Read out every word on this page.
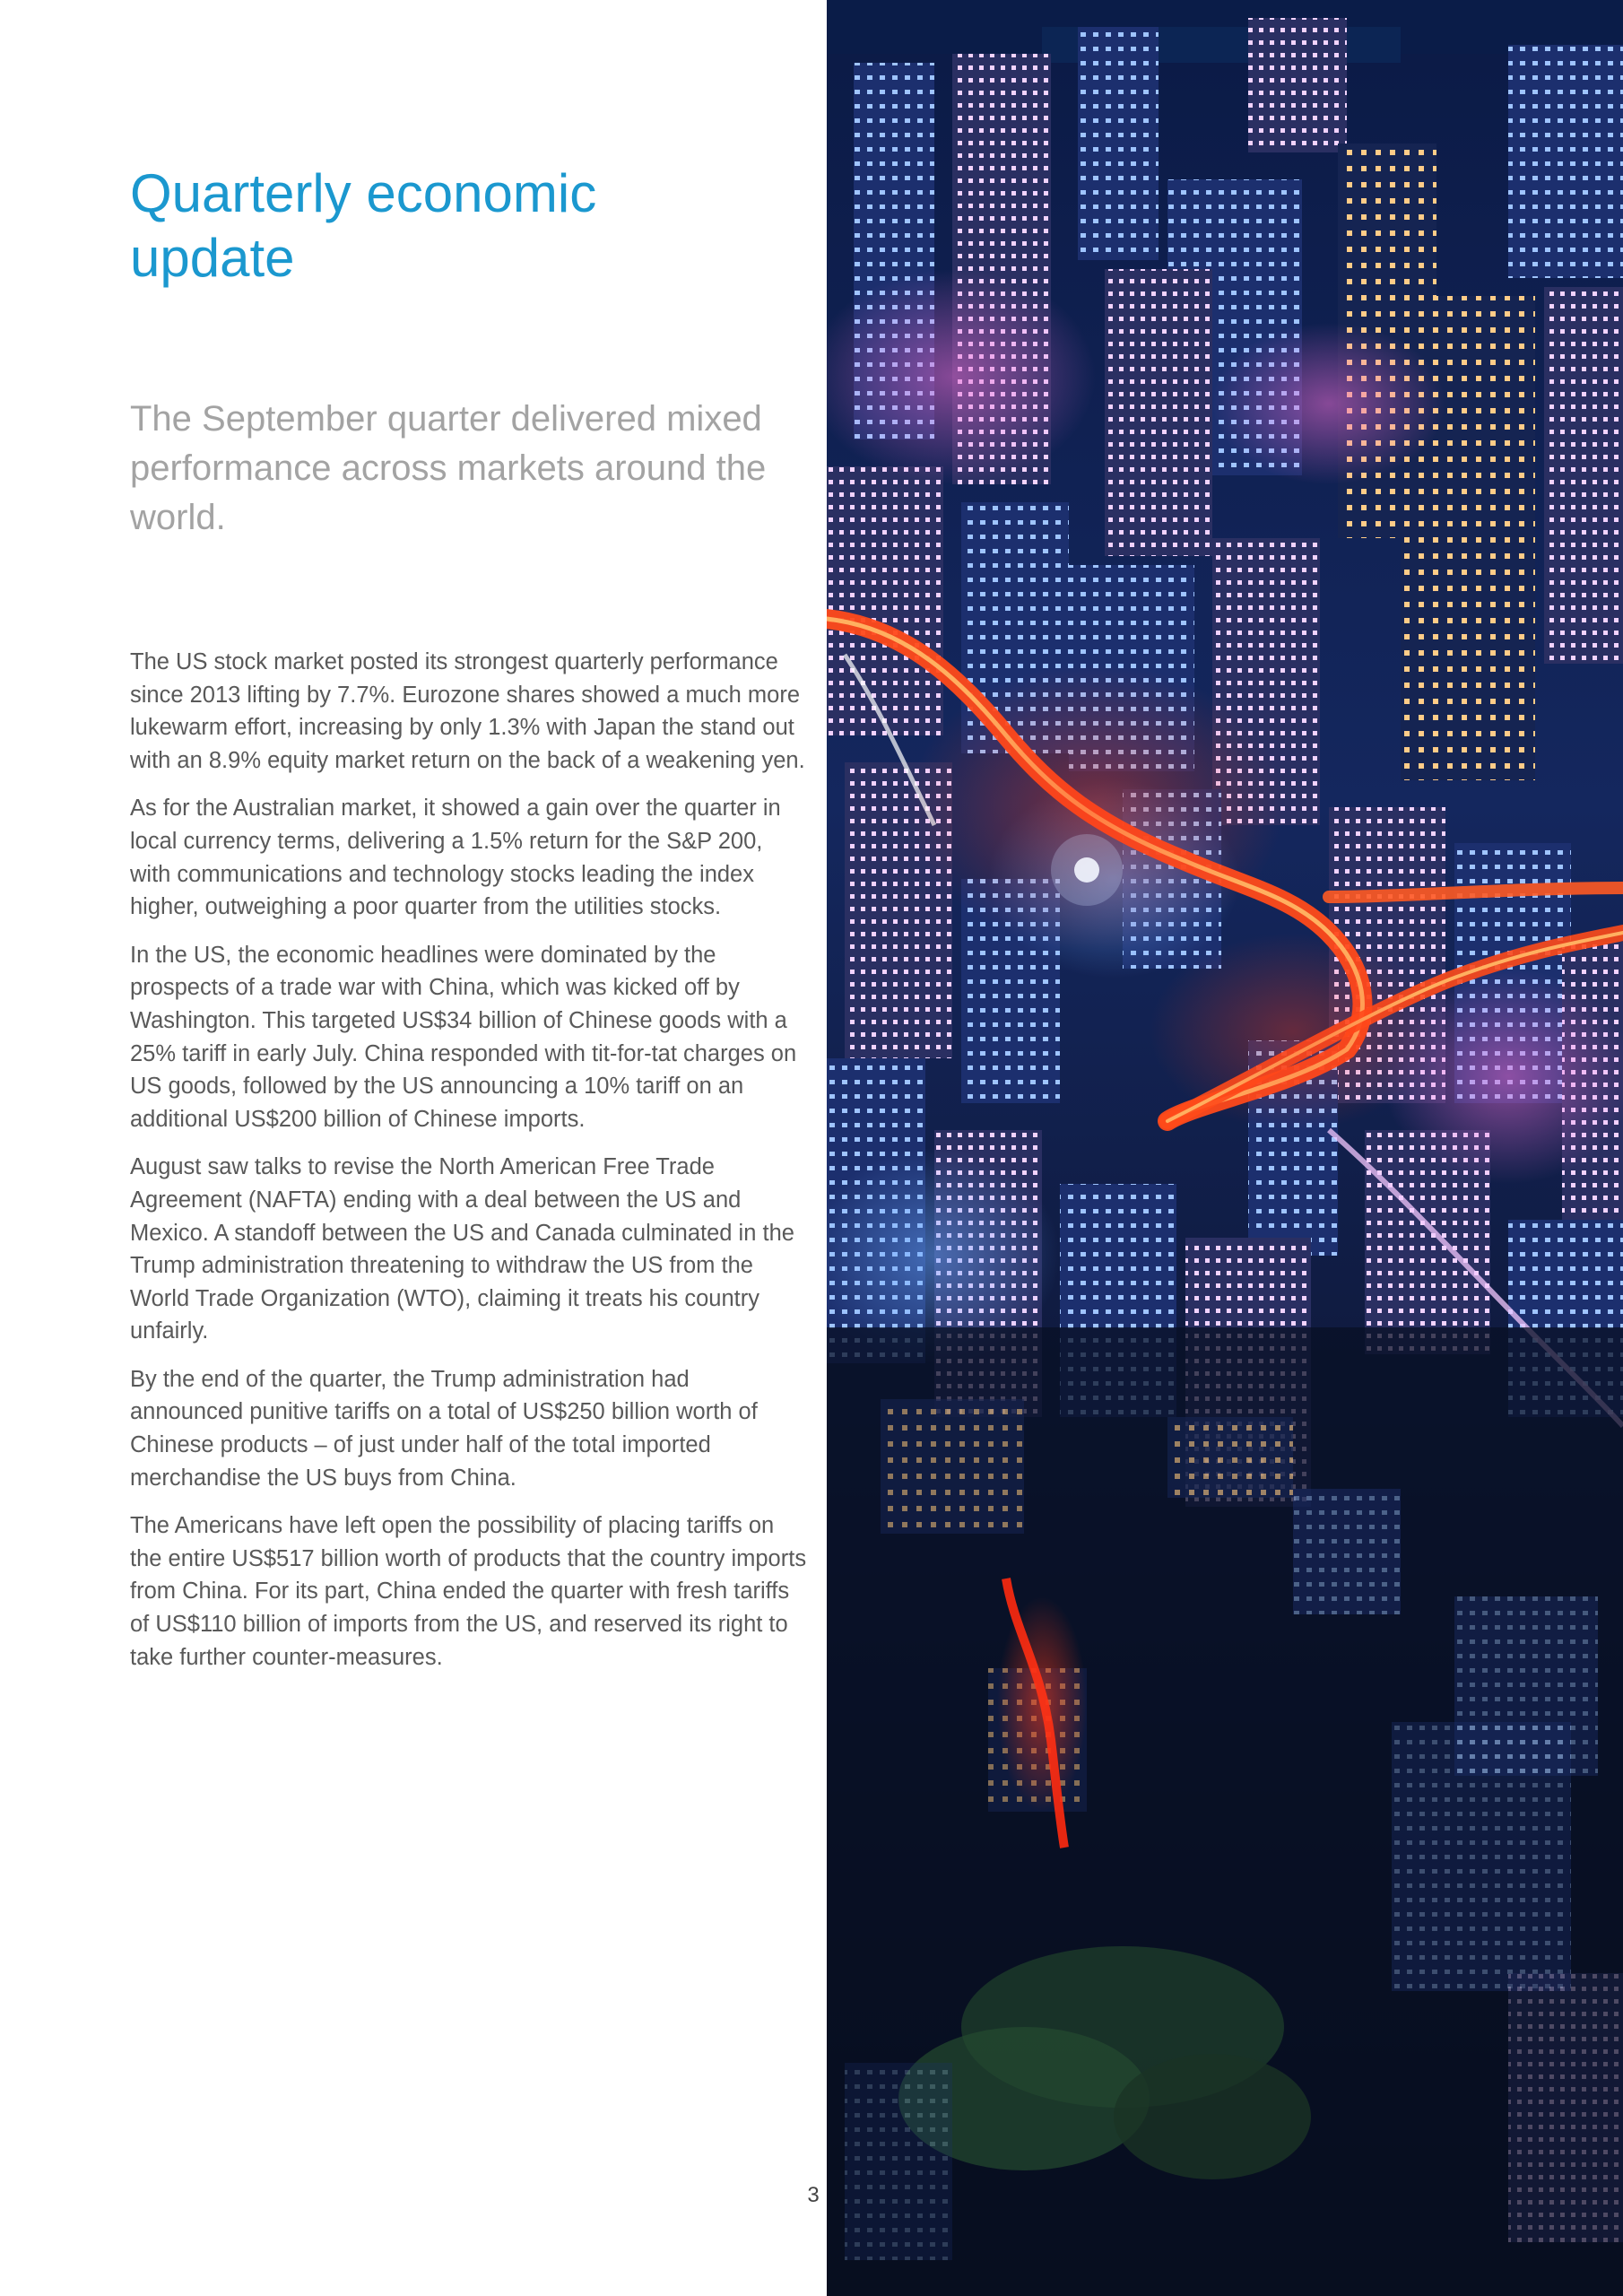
Quarterly economic update

The September quarter delivered mixed performance across markets around the world.

The US stock market posted its strongest quarterly performance since 2013 lifting by 7.7%. Eurozone shares showed a much more lukewarm effort, increasing by only 1.3% with Japan the stand out with an 8.9% equity market return on the back of a weakening yen.

As for the Australian market, it showed a gain over the quarter in local currency terms, delivering a 1.5% return for the S&P 200, with communications and technology stocks leading the index higher, outweighing a poor quarter from the utilities stocks.

In the US, the economic headlines were dominated by the prospects of a trade war with China, which was kicked off by Washington. This targeted US$34 billion of Chinese goods with a 25% tariff in early July. China responded with tit-for-tat charges on US goods, followed by the US announcing a 10% tariff on an additional US$200 billion of Chinese imports.

August saw talks to revise the North American Free Trade Agreement (NAFTA) ending with a deal between the US and Mexico. A standoff between the US and Canada culminated in the Trump administration threatening to withdraw the US from the World Trade Organization (WTO), claiming it treats his country unfairly.

By the end of the quarter, the Trump administration had announced punitive tariffs on a total of US$250 billion worth of Chinese products – of just under half of the total imported merchandise the US buys from China.

The Americans have left open the possibility of placing tariffs on the entire US$517 billion worth of products that the country imports from China. For its part, China ended the quarter with fresh tariffs of US$110 billion of imports from the US, and reserved its right to take further counter-measures.

3
